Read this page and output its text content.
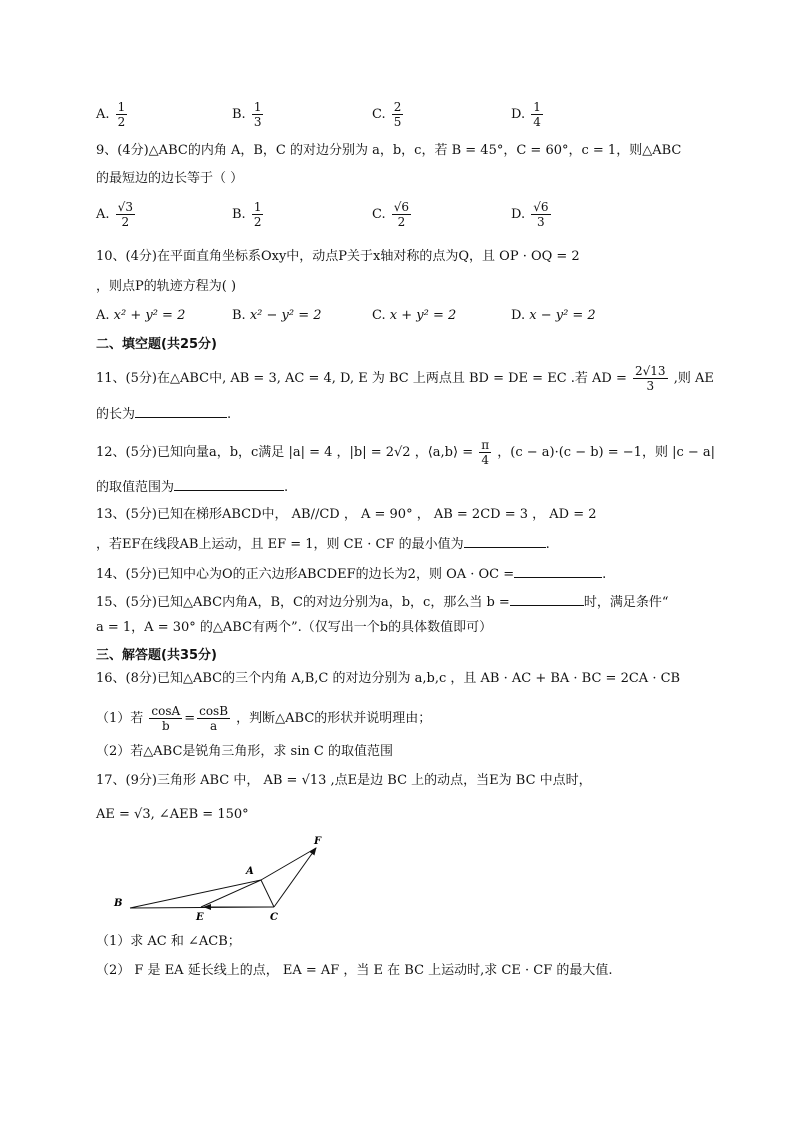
A. $\frac{1}{2}$	B. $\frac{1}{3}$	C. $\frac{2}{5}$	D. $\frac{1}{4}$
9、(4分)△ABC的内角 A，B，C 的对边分别为 a，b，c，若 B = 45°，C = 60°，c = 1，则△ABC
的最短边的边长等于（ ）
A. $\frac{√3}{2}$	B. $\frac{1}{2}$	C. $\frac{√6}{2}$	D. $\frac{√6}{3}$
10、(4分)在平面直角坐标系Oxy中，动点P关于x轴对称的点为Q，且 OP · OQ = 2
，则点P的轨迹方程为( )
A. x² + y² = 2	B. x² − y² = 2	C. x + y² = 2	D. x − y² = 2
二、填空题(共25分)
11、(5分)在△ABC中, AB = 3, AC = 4, D, E 为 BC 上两点且 BD = DE = EC .若 AD = $\frac{2√13}{3}$ ,则 AE
的长为	.
12、(5分)已知向量a，b，c满足 |a| = 4 ，|b| = 2√2 ，⟨a,b⟩ = $\frac{\pi}{4}$ ，(c − a)·(c − b) = −1，则 |c − a|
的取值范围为	.
13、(5分)已知在梯形ABCD中， AB//CD ， A = 90° ， AB = 2CD = 3 ， AD = 2
，若EF在线段AB上运动，且 EF = 1，则 CE · CF 的最小值为	.
14、(5分)已知中心为O的正六边形ABCDEF的边长为2，则 OA · OC =	.
15、(5分)已知△ABC内角A，B，C的对边分别为a，b，c，那么当 b =	时，满足条件“
a = 1，A = 30° 的△ABC有两个”.（仅写出一个b的具体数值即可）
三、解答题(共35分)
16、(8分)已知△ABC的三个内角 A,B,C 的对边分别为 a,b,c ，且 AB · AC + BA · BC = 2CA · CB
（1）若 $\frac{\cos A}{b} = \frac{\cos B}{a}$ ，判断△ABC的形状并说明理由；
（2）若△ABC是锐角三角形，求 sin C 的取值范围
17、(9分)三角形 ABC 中， AB = √13 ,点E是边 BC 上的动点，当E为 BC 中点时，
AE = √3, ∠AEB = 150°
B
A
C
E
F
（1）求 AC 和 ∠ACB；
（2） F 是 EA 延长线上的点， EA = AF ，当 E 在 BC 上运动时,求 CE · CF 的最大值.
